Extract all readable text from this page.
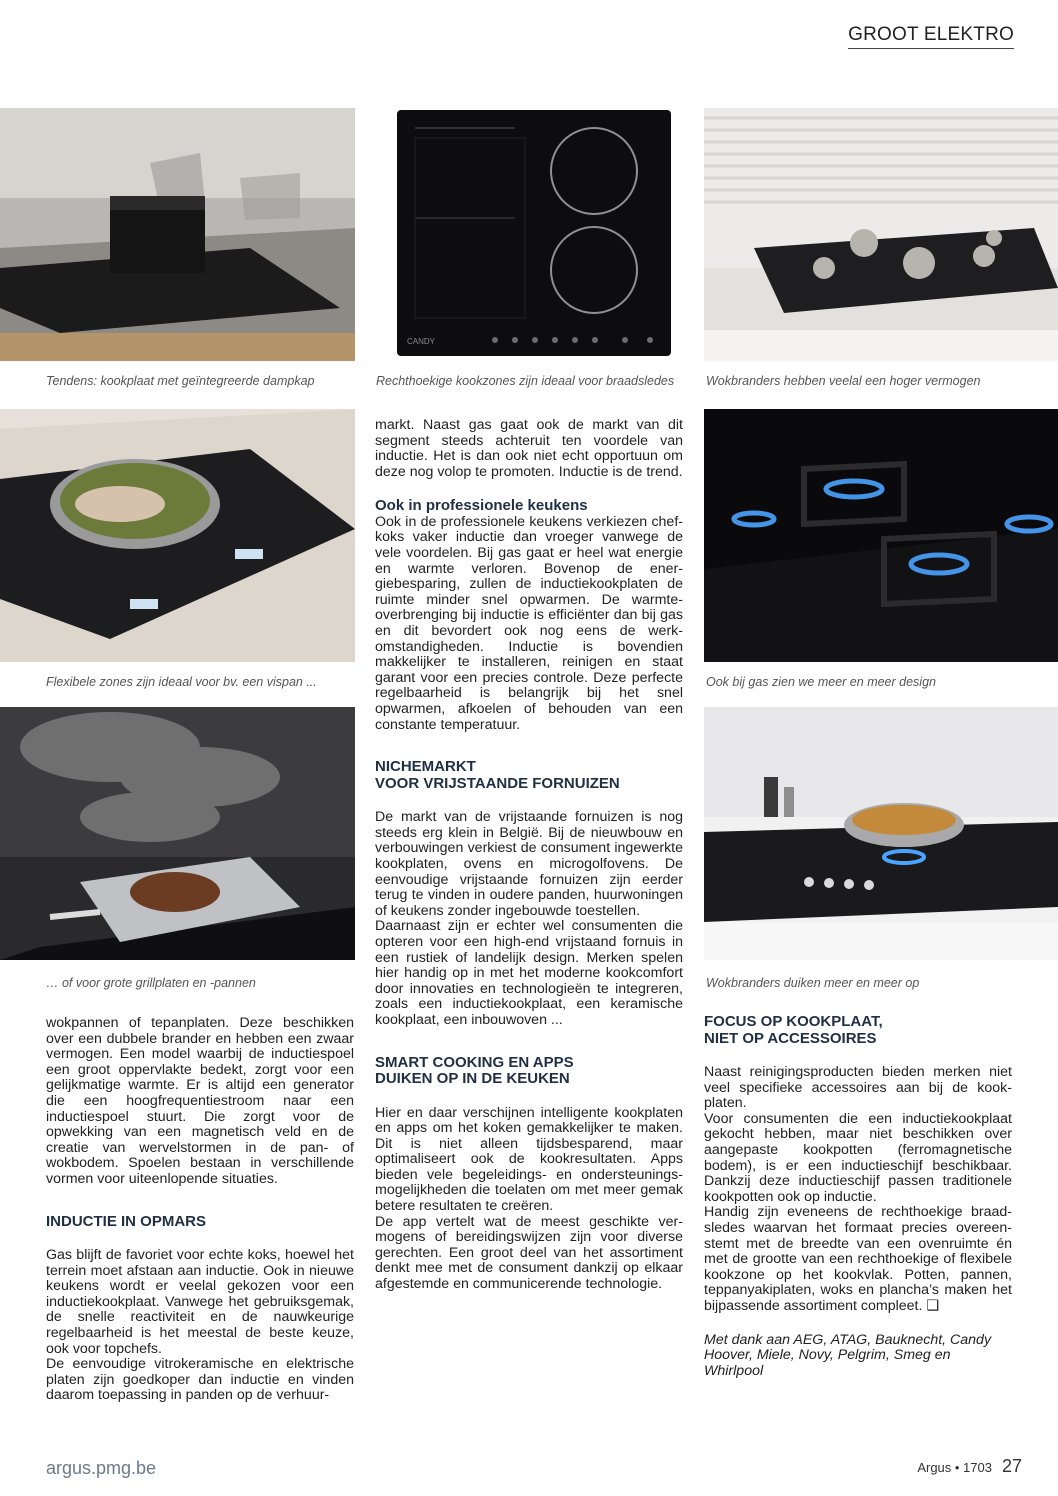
GROOT ELEKTRO
Tendens: kookplaat met geïntegreerde dampkap
CANDY
Rechthoekige kookzones zijn ideaal voor braadsledes	Wokbranders hebben veelal een hoger vermogen
Flexibele zones zijn ideaal voor bv. een vispan ...	Ook bij gas zien we meer en meer design
… of voor grote grillplaten en -pannen	Wokbranders duiken meer en meer op

wokpannen of tepanplaten. Deze beschikken over een dubbele brander en hebben een zwaar vermogen. Een model waarbij de inductiespoel een groot oppervlakte bedekt, zorgt voor een gelijkmatige warmte. Er is altijd een generator die een hoogfrequentiestroom naar een inductiespoel stuurt. Die zorgt voor de opwekking van een magnetisch veld en de creatie van wervelstormen in de pan- of wokbodem. Spoelen bestaan in verschillende vormen voor uiteenlopende situaties.

INDUCTIE IN OPMARS

Gas blijft de favoriet voor echte koks, hoewel het terrein moet afstaan aan inductie. Ook in nieuwe keukens wordt er veelal gekozen voor een inductiekookplaat. Vanwege het gebruiksgemak, de snelle reactiviteit en de nauwkeurige regelbaarheid is het meestal de beste keuze, ook voor topchefs.

De eenvoudige vitrokeramische en elektrische platen zijn goedkoper dan inductie en vinden daarom toepassing in panden op de verhuur-

markt. Naast gas gaat ook de markt van dit segment steeds achteruit ten voordele van inductie. Het is dan ook niet echt opportuun om deze nog volop te promoten. Inductie is de trend.

Ook in professionele keukens

Ook in de professionele keukens verkiezen chef-koks vaker inductie dan vroeger vanwege de vele voordelen. Bij gas gaat er heel wat energie en warmte verloren. Bovenop de energiebesparing, zullen de inductiekookplaten de ruimte minder snel opwarmen. De warmteoverbrenging bij inductie is efficiënter dan bij gas en dit bevordert ook nog eens de werkomstandigheden. Inductie is bovendien makkelijker te installeren, reinigen en staat garant voor een precies controle. Deze perfecte regelbaarheid is belangrijk bij het snel opwarmen, afkoelen of behouden van een constante temperatuur.

NICHEMARKT
VOOR VRIJSTAANDE FORNUIZEN

De markt van de vrijstaande fornuizen is nog steeds erg klein in België. Bij de nieuwbouw en verbouwingen verkiest de consument ingewerkte kookplaten, ovens en microgolfovens. De eenvoudige vrijstaande fornuizen zijn eerder terug te vinden in oudere panden, huurwoningen of keukens zonder ingebouwde toestellen.

Daarnaast zijn er echter wel consumenten die opteren voor een high-end vrijstaand fornuis in een rustiek of landelijk design. Merken spelen hier handig op in met het moderne kookcomfort door innovaties en technologieën te integreren, zoals een inductiekookplaat, een keramische kookplaat, een inbouwoven ...

SMART COOKING EN APPS
DUIKEN OP IN DE KEUKEN

Hier en daar verschijnen intelligente kookplaten en apps om het koken gemakkelijker te maken. Dit is niet alleen tijdsbesparend, maar optimaliseert ook de kookresultaten. Apps bieden vele begeleidings- en ondersteuningsmogelijkheden die toelaten om met meer gemak betere resultaten te creëren.

De app vertelt wat de meest geschikte vermogens of bereidingswijzen zijn voor diverse gerechten. Een groot deel van het assortiment denkt mee met de consument dankzij op elkaar afgestemde en communicerende technologie.

FOCUS OP KOOKPLAAT,
NIET OP ACCESSOIRES

Naast reinigingsproducten bieden merken niet veel specifieke accessoires aan bij de kookplaten.

Voor consumenten die een inductiekookplaat gekocht hebben, maar niet beschikken over aangepaste kookpotten (ferromagnetische bodem), is er een inductieschijf beschikbaar. Dankzij deze inductieschijf passen traditionele kookpotten ook op inductie.

Handig zijn eveneens de rechthoekige braadsledes waarvan het formaat precies overeenstemt met de breedte van een ovenruimte én met de grootte van een rechthoekige of flexibele kookzone op het kookvlak. Potten, pannen, teppanyakiplaten, woks en plancha’s maken het bijpassende assortiment compleet. ❑

Met dank aan AEG, ATAG, Bauknecht, Candy Hoover, Miele, Novy, Pelgrim, Smeg en Whirlpool

argus.pmg.be	Argus • 1703 27
